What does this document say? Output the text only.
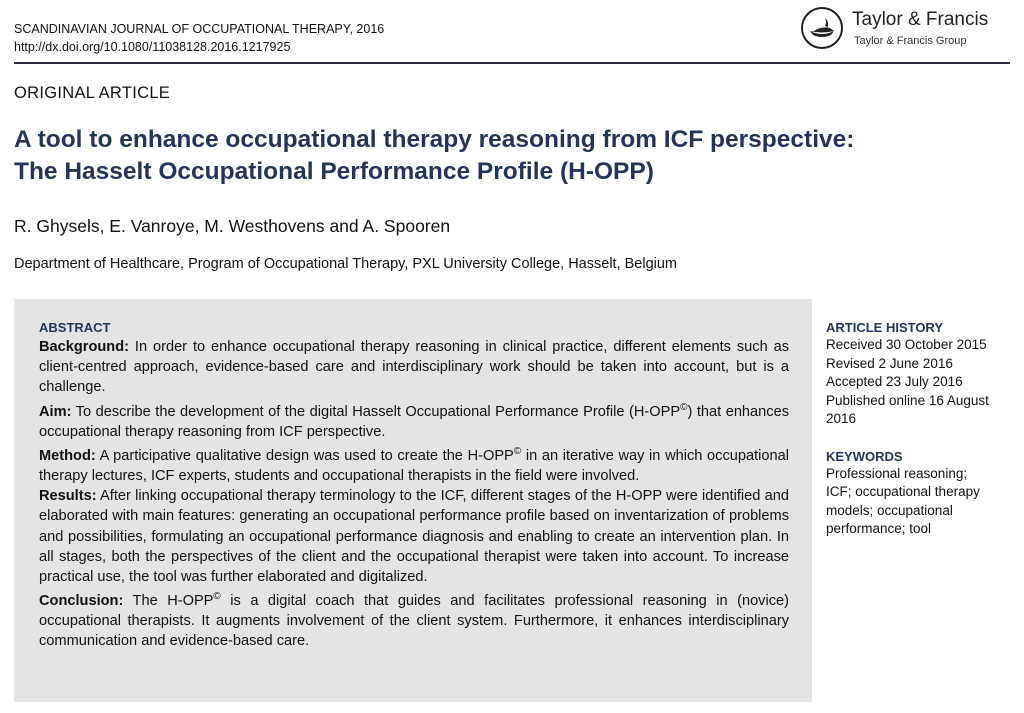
SCANDINAVIAN JOURNAL OF OCCUPATIONAL THERAPY, 2016
http://dx.doi.org/10.1080/11038128.2016.1217925
Taylor & Francis
Taylor & Francis Group
ORIGINAL ARTICLE
A tool to enhance occupational therapy reasoning from ICF perspective:
The Hasselt Occupational Performance Profile (H-OPP)
R. Ghysels, E. Vanroye, M. Westhovens and A. Spooren
Department of Healthcare, Program of Occupational Therapy, PXL University College, Hasselt, Belgium
ABSTRACT

Background: In order to enhance occupational therapy reasoning in clinical practice, different elements such as client-centred approach, evidence-based care and interdisciplinary work should be taken into account, but is a challenge.

Aim: To describe the development of the digital Hasselt Occupational Performance Profile (H-OPP©) that enhances occupational therapy reasoning from ICF perspective.

Method: A participative qualitative design was used to create the H-OPP© in an iterative way in which occupational therapy lectures, ICF experts, students and occupational therapists in the field were involved.

Results: After linking occupational therapy terminology to the ICF, different stages of the H-OPP were identified and elaborated with main features: generating an occupational performance profile based on inventarization of problems and possibilities, formulating an occupational performance diagnosis and enabling to create an intervention plan. In all stages, both the perspectives of the client and the occupational therapist were taken into account. To increase practical use, the tool was further elaborated and digitalized.

Conclusion: The H-OPP© is a digital coach that guides and facilitates professional reasoning in (novice) occupational therapists. It augments involvement of the client system. Furthermore, it enhances interdisciplinary communication and evidence-based care.

ARTICLE HISTORY
Received 30 October 2015
Revised 2 June 2016
Accepted 23 July 2016
Published online 16 August 2016
KEYWORDS
Professional reasoning; ICF; occupational therapy models; occupational performance; tool
